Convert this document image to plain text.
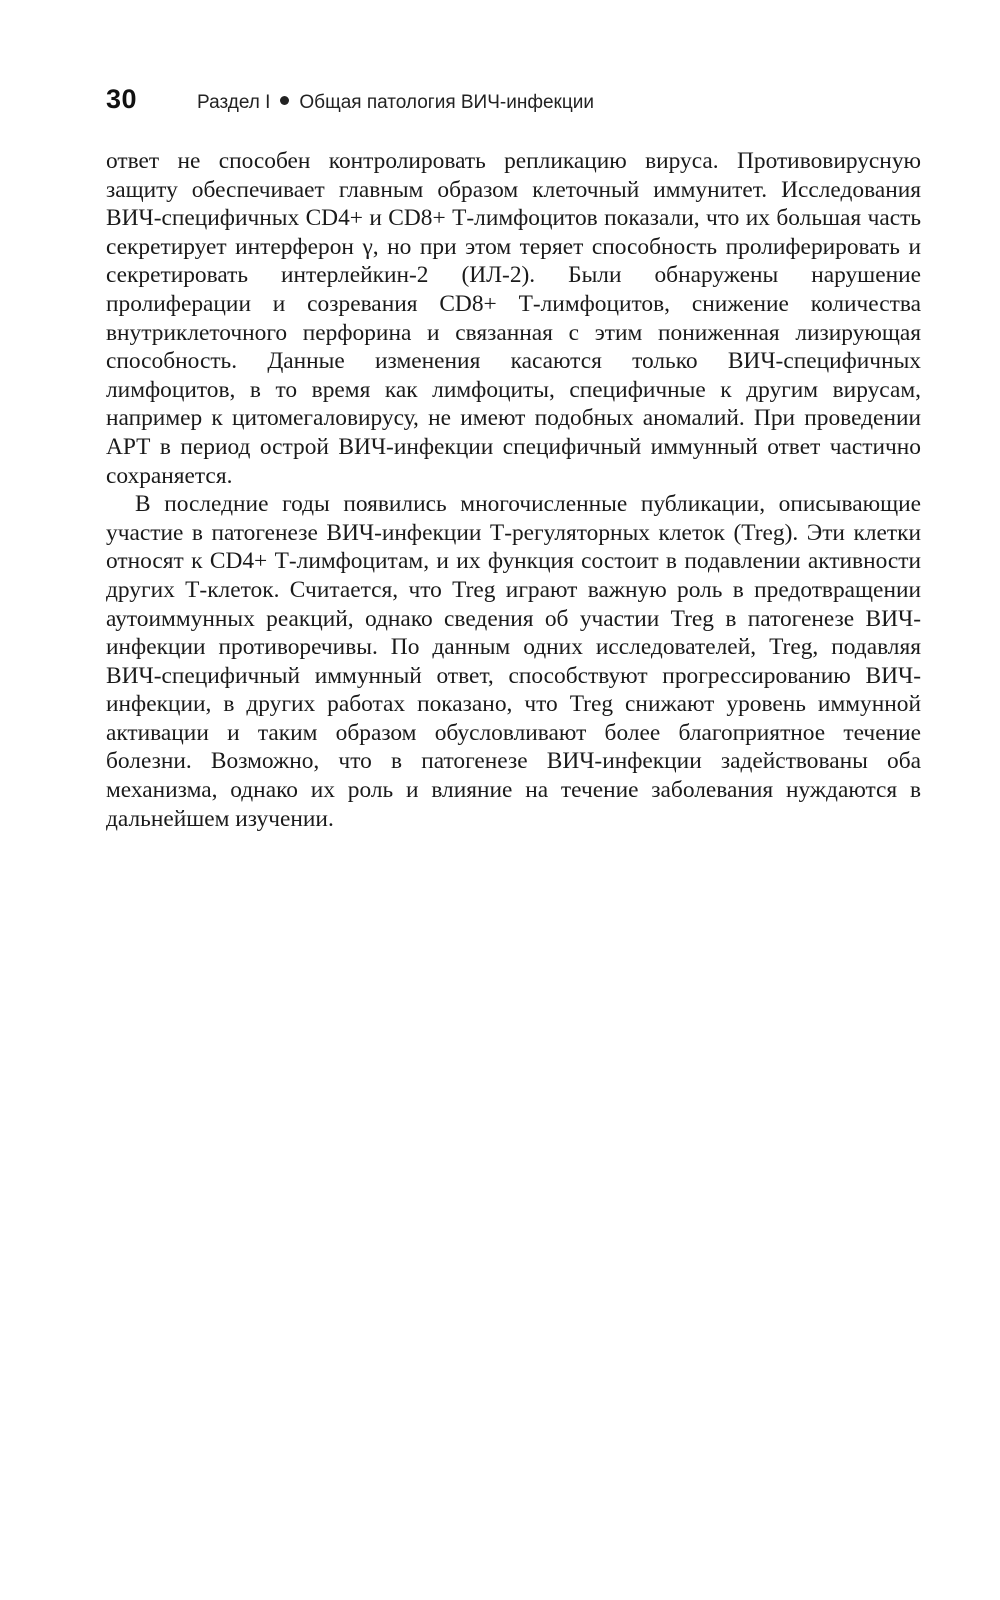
30	Раздел I Общая патология ВИЧ-инфекции

ответ не способен контролировать репликацию вируса. Противовирусную защиту обеспечивает главным образом клеточный иммунитет. Исследования ВИЧ-специфичных CD4+ и CD8+ Т-лимфоцитов показали, что их большая часть секретирует интерферон γ, но при этом теряет способность пролиферировать и секретировать интерлейкин-2 (ИЛ-2). Были обнаружены нарушение пролиферации и созревания CD8+ Т-лимфоцитов, снижение количества внутриклеточного перфорина и связанная с этим пониженная лизирующая способность. Данные изменения касаются только ВИЧ-специфичных лимфоцитов, в то время как лимфоциты, специфичные к другим вирусам, например к цитомегаловирусу, не имеют подобных аномалий. При проведении АРТ в период острой ВИЧ-инфекции специфичный иммунный ответ частично сохраняется.

В последние годы появились многочисленные публикации, описывающие участие в патогенезе ВИЧ-инфекции Т-регуляторных клеток (Treg). Эти клетки относят к CD4+ Т-лимфоцитам, и их функция состоит в подавлении активности других Т-клеток. Считается, что Treg играют важную роль в предотвращении аутоиммунных реакций, однако сведения об участии Treg в патогенезе ВИЧ-инфекции противоречивы. По данным одних исследователей, Treg, подавляя ВИЧ-специфичный иммунный ответ, способствуют прогрессированию ВИЧ-инфекции, в других работах показано, что Treg снижают уровень иммунной активации и таким образом обусловливают более благоприятное течение болезни. Возможно, что в патогенезе ВИЧ-инфекции задействованы оба механизма, однако их роль и влияние на течение заболевания нуждаются в дальнейшем изучении.
